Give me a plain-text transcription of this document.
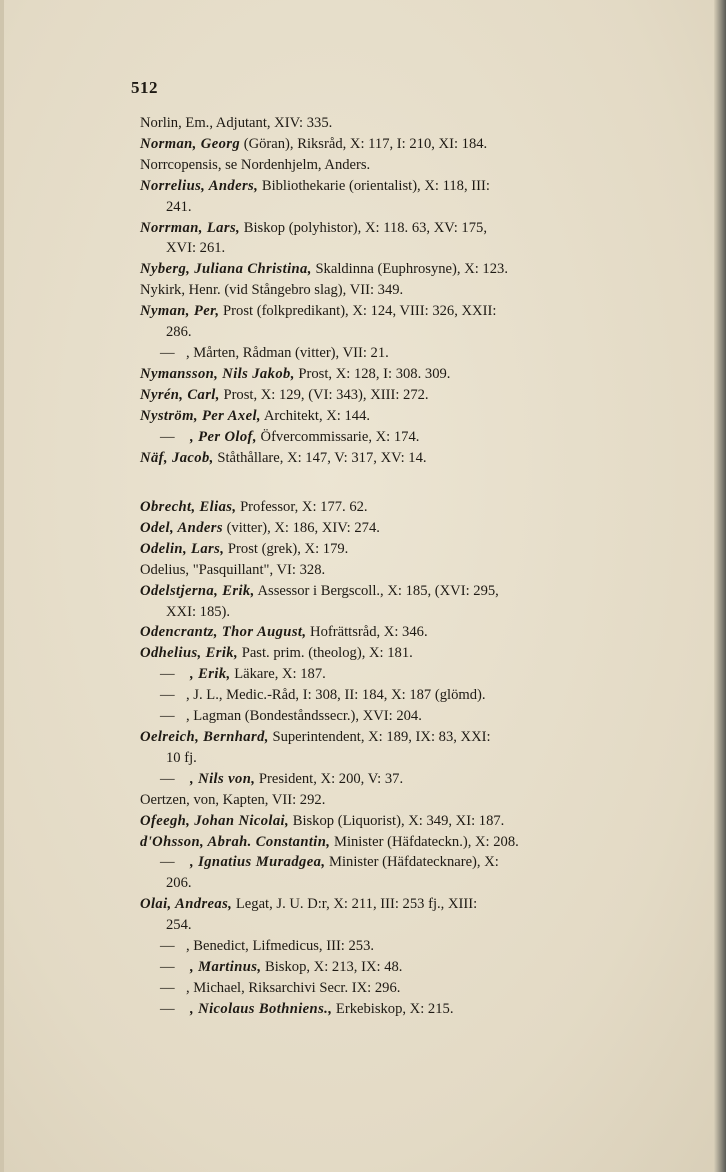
512
Norlin, Em., Adjutant, XIV: 335.
Norman, Georg (Göran), Riksråd, X: 117, I: 210, XI: 184.
Norrcopensis, se Nordenhjelm, Anders.
Norrelius, Anders, Bibliothekarie (orientalist), X: 118, III:
241.
Norrman, Lars, Biskop (polyhistor), X: 118. 63, XV: 175,
XVI: 261.
Nyberg, Juliana Christina, Skaldinna (Euphrosyne), X: 123.
Nykirk, Henr. (vid Stångebro slag), VII: 349.
Nyman, Per, Prost (folkpredikant), X: 124, VIII: 326, XXII:
286.
— , Mårten, Rådman (vitter), VII: 21.
Nymansson, Nils Jakob, Prost, X: 128, I: 308. 309.
Nyrén, Carl, Prost, X: 129, (VI: 343), XIII: 272.
Nyström, Per Axel, Architekt, X: 144.
— , Per Olof, Öfvercommissarie, X: 174.
Näf, Jacob, Ståthållare, X: 147, V: 317, XV: 14.
Obrecht, Elias, Professor, X: 177. 62.
Odel, Anders (vitter), X: 186, XIV: 274.
Odelin, Lars, Prost (grek), X: 179.
Odelius, "Pasquillant", VI: 328.
Odelstjerna, Erik, Assessor i Bergscoll., X: 185, (XVI: 295,
XXI: 185).
Odencrantz, Thor August, Hofrättsråd, X: 346.
Odhelius, Erik, Past. prim. (theolog), X: 181.
— , Erik, Läkare, X: 187.
— , J. L., Medic.-Råd, I: 308, II: 184, X: 187 (glömd).
— , Lagman (Bondeståndssecr.), XVI: 204.
Oelreich, Bernhard, Superintendent, X: 189, IX: 83, XXI:
10 fj.
— , Nils von, President, X: 200, V: 37.
Oertzen, von, Kapten, VII: 292.
Ofeegh, Johan Nicolai, Biskop (Liquorist), X: 349, XI: 187.
d'Ohsson, Abrah. Constantin, Minister (Häfdateckn.), X: 208.
— , Ignatius Muradgea, Minister (Häfdatecknare), X:
206.
Olai, Andreas, Legat, J. U. D:r, X: 211, III: 253 fj., XIII:
254.
— , Benedict, Lifmedicus, III: 253.
— , Martinus, Biskop, X: 213, IX: 48.
— , Michael, Riksarchivi Secr. IX: 296.
— , Nicolaus Bothniens., Erkebiskop, X: 215.
